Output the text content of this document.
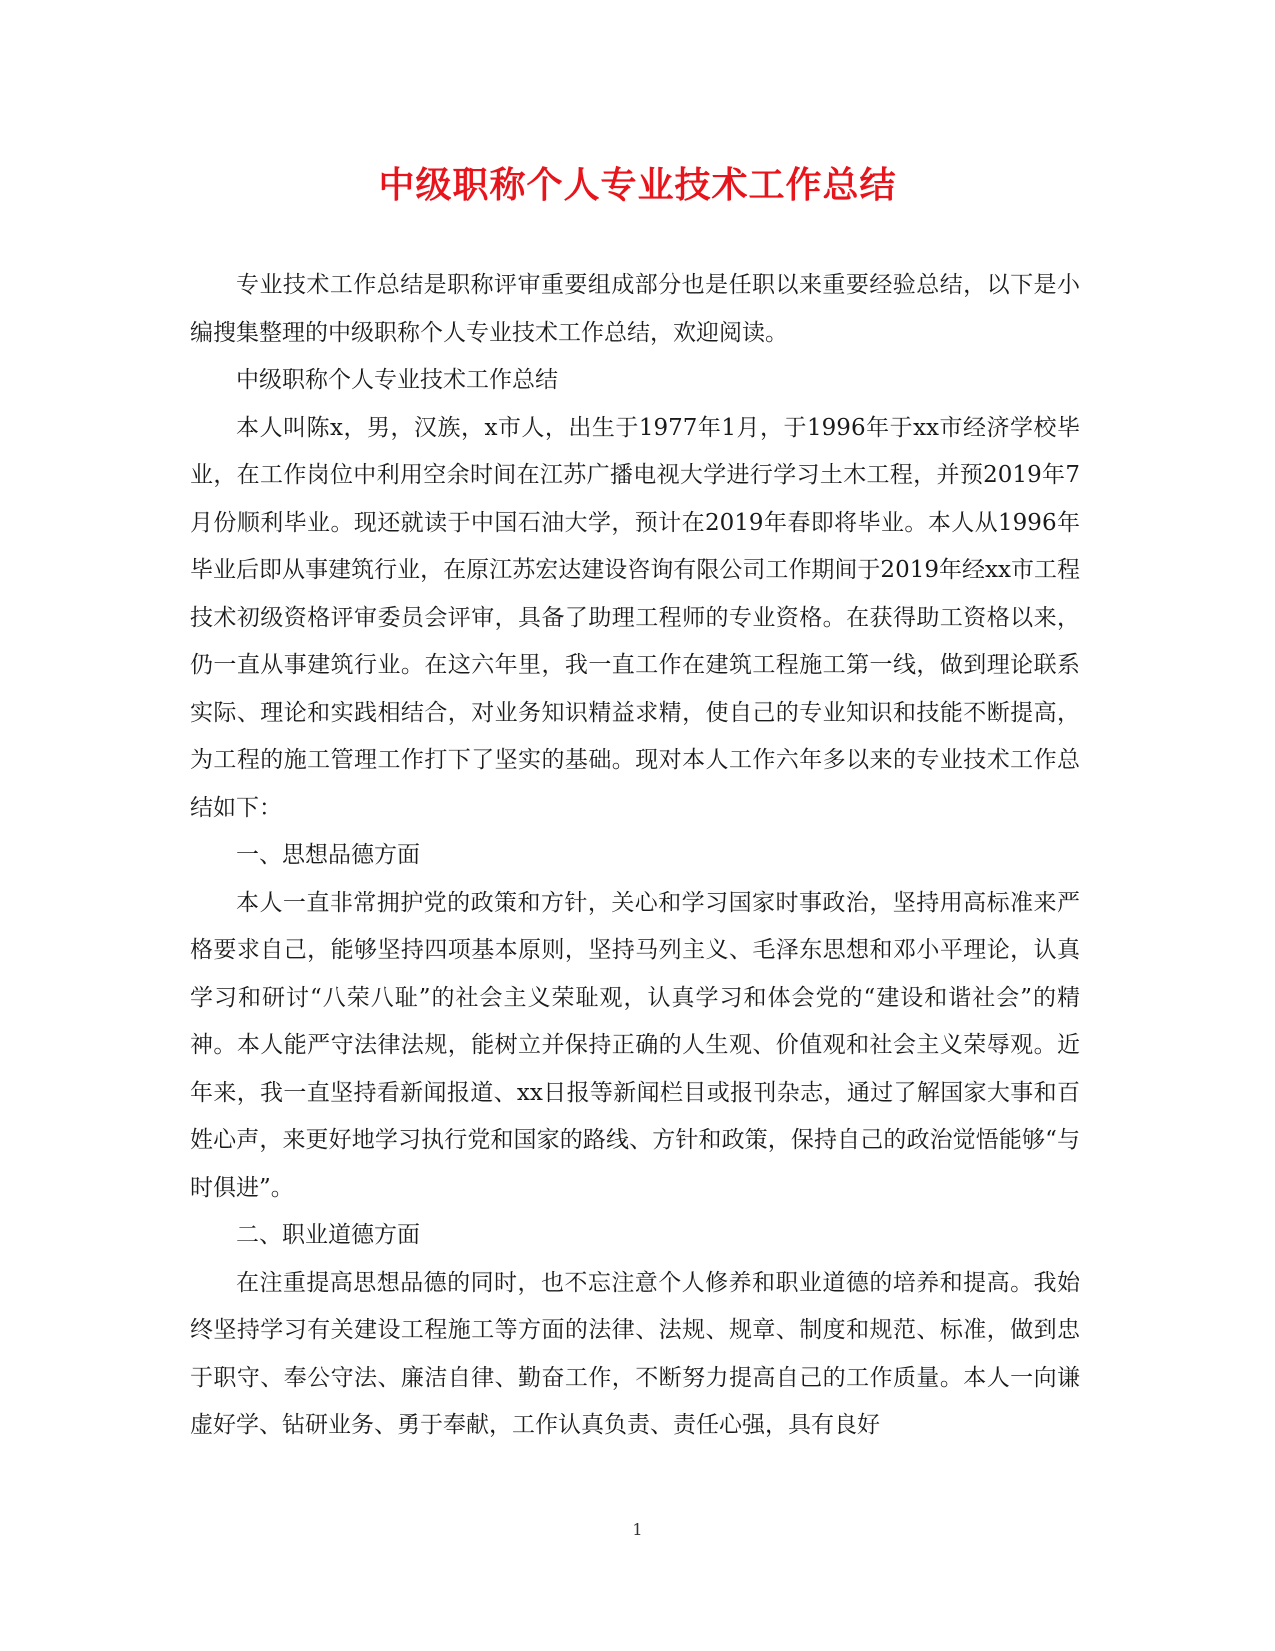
中级职称个人专业技术工作总结

专业技术工作总结是职称评审重要组成部分也是任职以来重要经验总结，以下是小编搜集整理的中级职称个人专业技术工作总结，欢迎阅读。

中级职称个人专业技术工作总结

本人叫陈x，男，汉族，x市人，出生于1977年1月，于1996年于xx市经济学校毕业，在工作岗位中利用空余时间在江苏广播电视大学进行学习土木工程，并预2019年7月份顺利毕业。现还就读于中国石油大学，预计在2019年春即将毕业。本人从1996年毕业后即从事建筑行业，在原江苏宏达建设咨询有限公司工作期间于2019年经xx市工程技术初级资格评审委员会评审，具备了助理工程师的专业资格。在获得助工资格以来，仍一直从事建筑行业。在这六年里，我一直工作在建筑工程施工第一线，做到理论联系实际、理论和实践相结合，对业务知识精益求精，使自己的专业知识和技能不断提高，为工程的施工管理工作打下了坚实的基础。现对本人工作六年多以来的专业技术工作总结如下：

一、思想品德方面

本人一直非常拥护党的政策和方针，关心和学习国家时事政治，坚持用高标准来严格要求自己，能够坚持四项基本原则，坚持马列主义、毛泽东思想和邓小平理论，认真学习和研讨“八荣八耻”的社会主义荣耻观，认真学习和体会党的“建设和谐社会”的精神。本人能严守法律法规，能树立并保持正确的人生观、价值观和社会主义荣辱观。近年来，我一直坚持看新闻报道、xx日报等新闻栏目或报刊杂志，通过了解国家大事和百姓心声，来更好地学习执行党和国家的路线、方针和政策，保持自己的政治觉悟能够“与时俱进”。

二、职业道德方面

在注重提高思想品德的同时，也不忘注意个人修养和职业道德的培养和提高。我始终坚持学习有关建设工程施工等方面的法律、法规、规章、制度和规范、标准，做到忠于职守、奉公守法、廉洁自律、勤奋工作，不断努力提高自己的工作质量。本人一向谦虚好学、钻研业务、勇于奉献，工作认真负责、责任心强，具有良好

1
